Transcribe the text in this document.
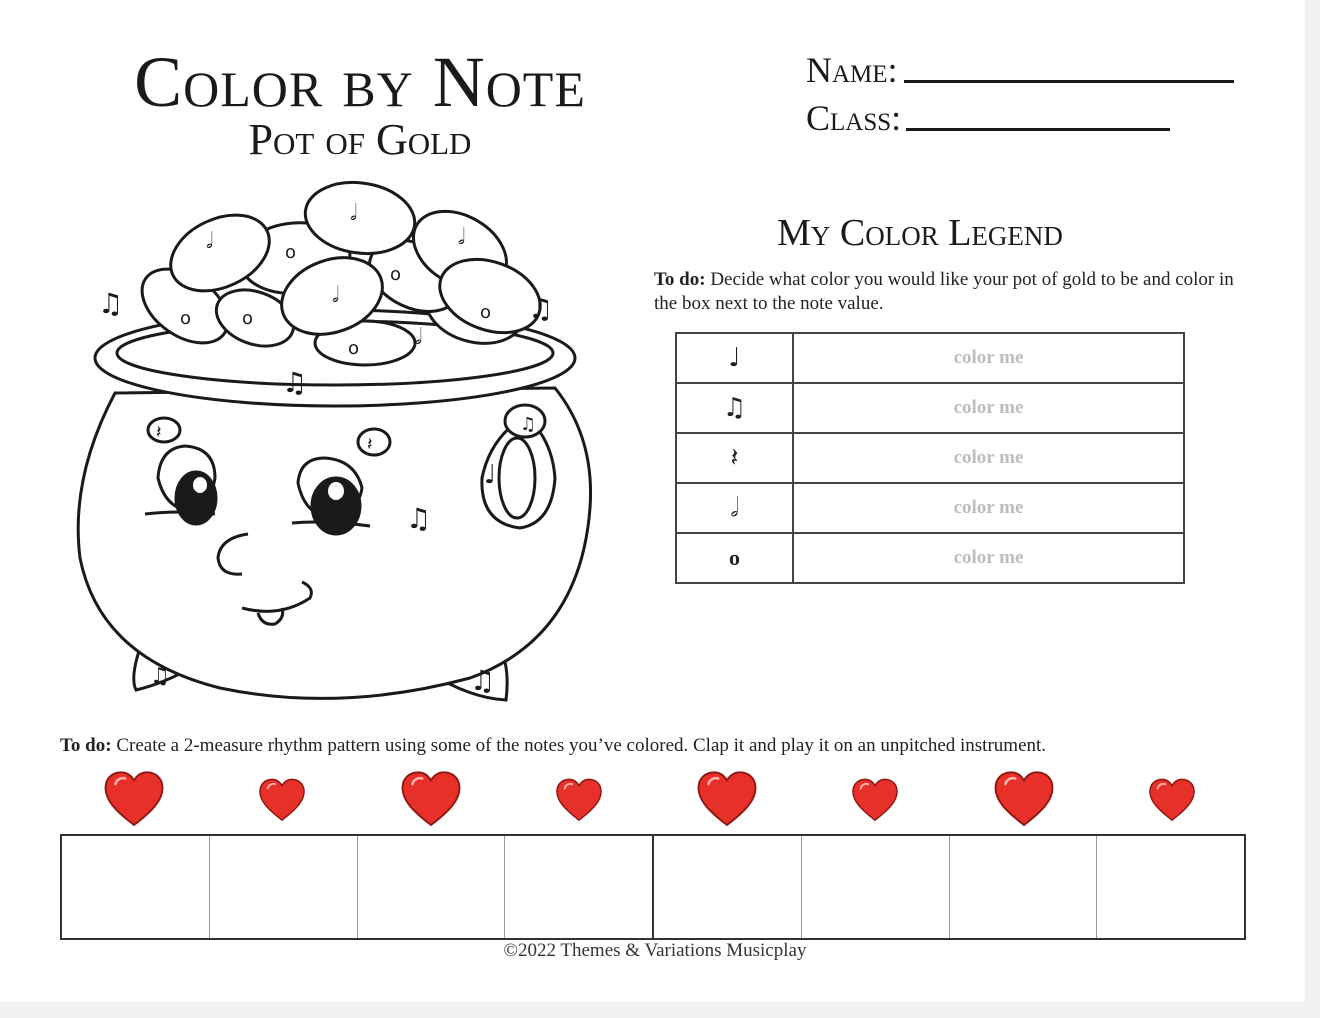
Color by Note
Pot of Gold
Name:
Class:
𝅗𝅥
𝅗𝅥
𝅗𝅥
𝅗𝅥
𝅗𝅥
o
o
o	o	o
o
♫	♫
♫
♫
♫	♫
♫
♩
𝄽
𝄽
My Color Legend
To do: Decide what color you would like your pot of gold to be and color in the box next to the note value.
♩	color me
♫	color me
𝄽	color me
𝅗𝅥	color me
o	color me
To do: Create a 2-measure rhythm pattern using some of the notes you’ve colored. Clap it and play it on an unpitched instrument.
©2022 Themes & Variations Musicplay
